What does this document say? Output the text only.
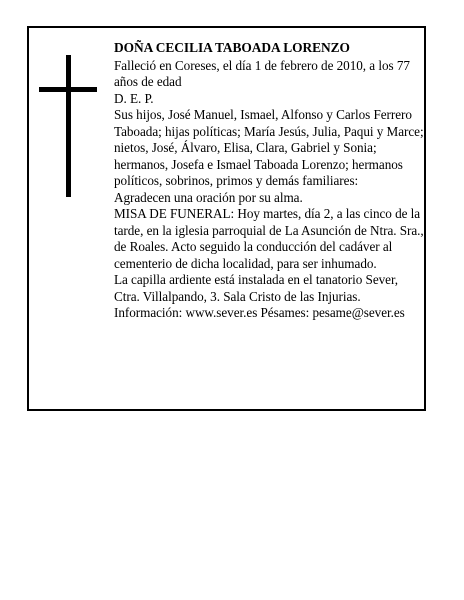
DOÑA CECILIA TABOADA LORENZO

Falleció en Coreses, el día 1 de febrero de 2010, a los 77 años de edad

D. E. P.

Sus hijos, José Manuel, Ismael, Alfonso y Carlos Ferrero Taboada; hijas políticas; María Jesús, Julia, Paqui y Marce; nietos, José, Álvaro, Elisa, Clara, Gabriel y Sonia; hermanos, Josefa e Ismael Taboada Lorenzo; hermanos políticos, sobrinos, primos y demás familiares:

Agradecen una oración por su alma.

MISA DE FUNERAL: Hoy martes, día 2, a las cinco de la tarde, en la iglesia parroquial de La Asunción de Ntra. Sra., de Roales. Acto seguido la conducción del cadáver al cementerio de dicha localidad, para ser inhumado.

La capilla ardiente está instalada en el tanatorio Sever, Ctra. Villalpando, 3. Sala Cristo de las Injurias.

Información: www.sever.es Pésames: pesame@sever.es
